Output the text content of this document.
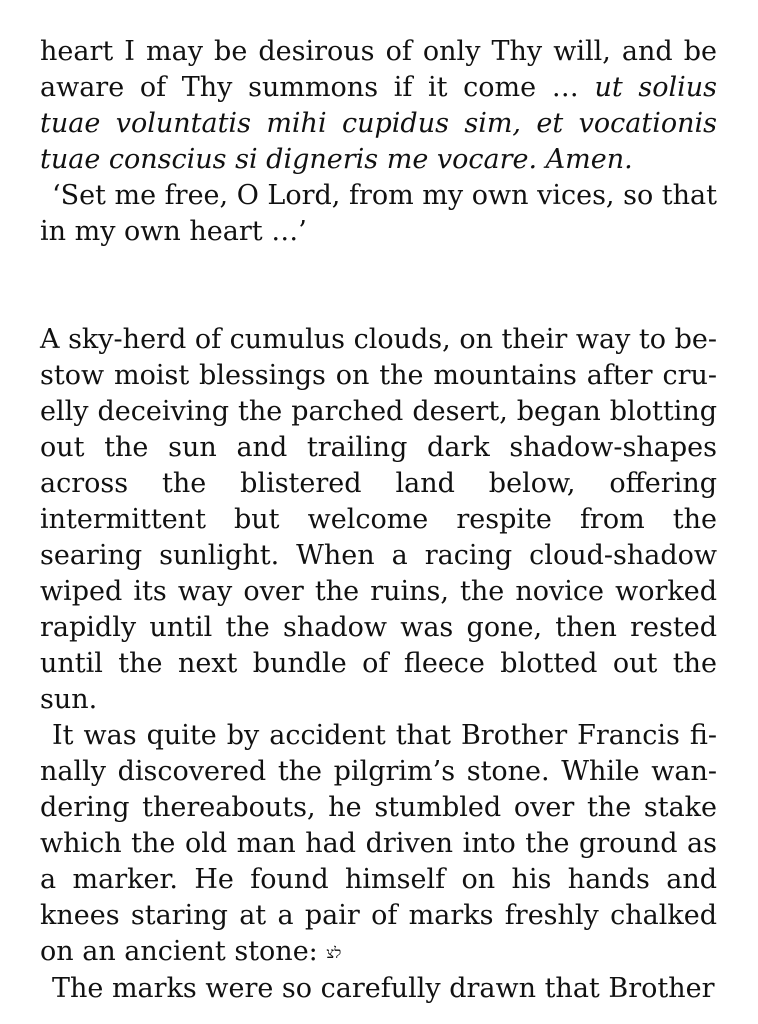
heart I may be desirous of only Thy will, and be aware of Thy summons if it come … ut solius tuae voluntatis mihi cupidus sim, et vocationis tuae conscius si digneris me vocare. Amen.

‘Set me free, O Lord, from my own vices, so that in my own heart …’

A sky-herd of cumulus clouds, on their way to bestow moist blessings on the mountains after cruelly deceiving the parched desert, began blotting out the sun and trailing dark shadow-shapes across the blistered land below, offering intermittent but welcome respite from the searing sunlight. When a racing cloud-shadow wiped its way over the ruins, the novice worked rapidly until the shadow was gone, then rested until the next bundle of fleece blotted out the sun.

It was quite by accident that Brother Francis finally discovered the pilgrim’s stone. While wandering thereabouts, he stumbled over the stake which the old man had driven into the ground as a marker. He found himself on his hands and knees staring at a pair of marks freshly chalked on an ancient stone: לצ

The marks were so carefully drawn that Brother
